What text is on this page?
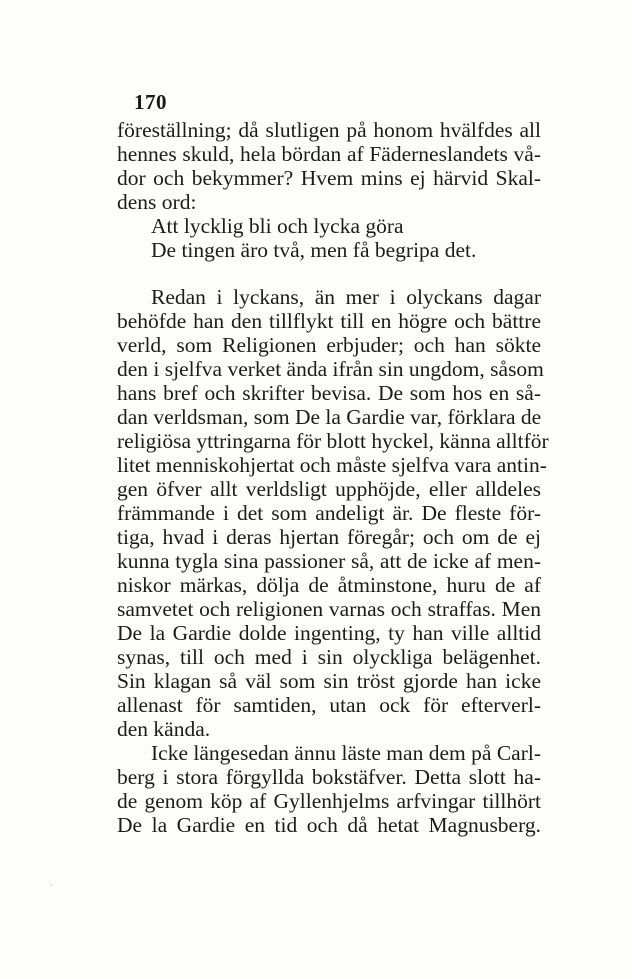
170
föreställning; då slutligen på honom hvälfdes all
hennes skuld, hela bördan af Fäderneslandets vå-
dor och bekymmer? Hvem mins ej härvid Skal-
dens ord:
Att lycklig bli och lycka göra
De tingen äro två, men få begripa det.
Redan i lyckans, än mer i olyckans dagar
behöfde han den tillflykt till en högre och bättre
verld, som Religionen erbjuder; och han sökte
den i sjelfva verket ända ifrån sin ungdom, såsom
hans bref och skrifter bevisa. De som hos en så-
dan verldsman, som De la Gardie var, förklara de
religiösa yttringarna för blott hyckel, känna alltför
litet menniskohjertat och måste sjelfva vara antin-
gen öfver allt verldsligt upphöjde, eller alldeles
främmande i det som andeligt är. De fleste för-
tiga, hvad i deras hjertan föregår; och om de ej
kunna tygla sina passioner så, att de icke af men-
niskor märkas, dölja de åtminstone, huru de af
samvetet och religionen varnas och straffas. Men
De la Gardie dolde ingenting, ty han ville alltid
synas, till och med i sin olyckliga belägenhet.
Sin klagan så väl som sin tröst gjorde han icke
allenast för samtiden, utan ock för efterverl-
den kända.
Icke längesedan ännu läste man dem på Carl-
berg i stora förgyllda bokstäfver. Detta slott ha-
de genom köp af Gyllenhjelms arfvingar tillhört
De la Gardie en tid och då hetat Magnusberg.
